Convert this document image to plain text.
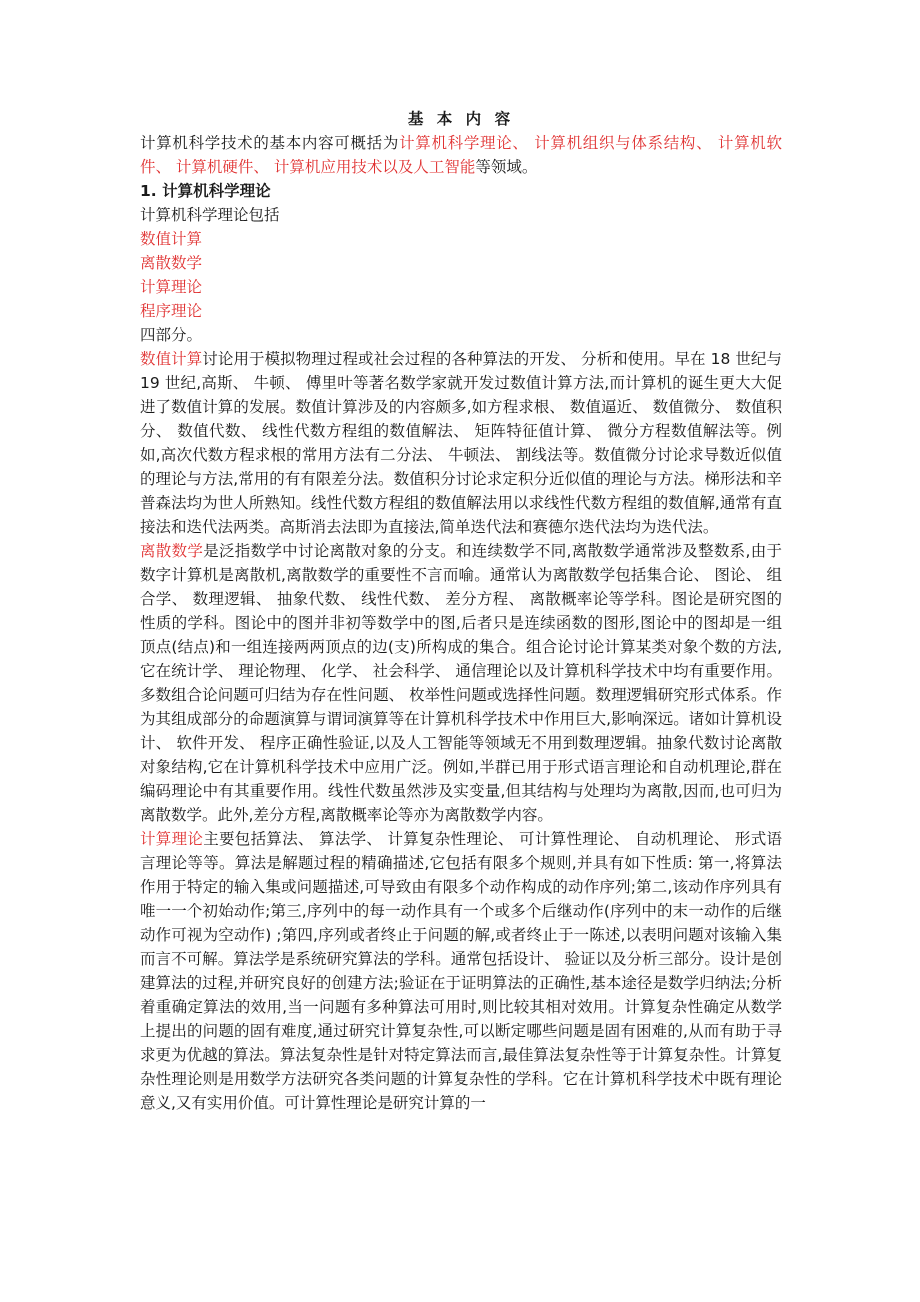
基 本 内 容

计算机科学技术的基本内容可概括为计算机科学理论、 计算机组织与体系结构、 计算机软件、 计算机硬件、 计算机应用技术以及人工智能等领域。

1. 计算机科学理论

计算机科学理论包括

数值计算
离散数学
计算理论
程序理论

四部分。

数值计算讨论用于模拟物理过程或社会过程的各种算法的开发、 分析和使用。早在 18 世纪与 19 世纪,高斯、 牛顿、 傅里叶等著名数学家就开发过数值计算方法,而计算机的诞生更大大促进了数值计算的发展。数值计算涉及的内容颇多,如方程求根、 数值逼近、 数值微分、 数值积分、 数值代数、 线性代数方程组的数值解法、 矩阵特征值计算、 微分方程数值解法等。例如,高次代数方程求根的常用方法有二分法、 牛顿法、 割线法等。数值微分讨论求导数近似值的理论与方法,常用的有有限差分法。数值积分讨论求定积分近似值的理论与方法。梯形法和辛普森法均为世人所熟知。线性代数方程组的数值解法用以求线性代数方程组的数值解,通常有直接法和迭代法两类。高斯消去法即为直接法,简单迭代法和赛德尔迭代法均为迭代法。

离散数学是泛指数学中讨论离散对象的分支。和连续数学不同,离散数学通常涉及整数系,由于数字计算机是离散机,离散数学的重要性不言而喻。通常认为离散数学包括集合论、 图论、 组合学、 数理逻辑、 抽象代数、 线性代数、 差分方程、 离散概率论等学科。图论是研究图的性质的学科。图论中的图并非初等数学中的图,后者只是连续函数的图形,图论中的图却是一组顶点(结点)和一组连接两两顶点的边(支)所构成的集合。组合论讨论计算某类对象个数的方法,它在统计学、 理论物理、 化学、 社会科学、 通信理论以及计算机科学技术中均有重要作用。多数组合论问题可归结为存在性问题、 枚举性问题或选择性问题。数理逻辑研究形式体系。作为其组成部分的命题演算与谓词演算等在计算机科学技术中作用巨大,影响深远。诸如计算机设计、 软件开发、 程序正确性验证,以及人工智能等领域无不用到数理逻辑。抽象代数讨论离散对象结构,它在计算机科学技术中应用广泛。例如,半群已用于形式语言理论和自动机理论,群在编码理论中有其重要作用。线性代数虽然涉及实变量,但其结构与处理均为离散,因而,也可归为离散数学。此外,差分方程,离散概率论等亦为离散数学内容。

计算理论主要包括算法、 算法学、 计算复杂性理论、 可计算性理论、 自动机理论、 形式语言理论等等。算法是解题过程的精确描述,它包括有限多个规则,并具有如下性质: 第一,将算法作用于特定的输入集或问题描述,可导致由有限多个动作构成的动作序列;第二,该动作序列具有唯一一个初始动作;第三,序列中的每一动作具有一个或多个后继动作(序列中的末一动作的后继动作可视为空动作) ;第四,序列或者终止于问题的解,或者终止于一陈述,以表明问题对该输入集而言不可解。算法学是系统研究算法的学科。通常包括设计、 验证以及分析三部分。设计是创建算法的过程,并研究良好的创建方法;验证在于证明算法的正确性,基本途径是数学归纳法;分析着重确定算法的效用,当一问题有多种算法可用时,则比较其相对效用。计算复杂性确定从数学上提出的问题的固有难度,通过研究计算复杂性,可以断定哪些问题是固有困难的,从而有助于寻求更为优越的算法。算法复杂性是针对特定算法而言,最佳算法复杂性等于计算复杂性。计算复杂性理论则是用数学方法研究各类问题的计算复杂性的学科。它在计算机科学技术中既有理论意义,又有实用价值。可计算性理论是研究计算的一
